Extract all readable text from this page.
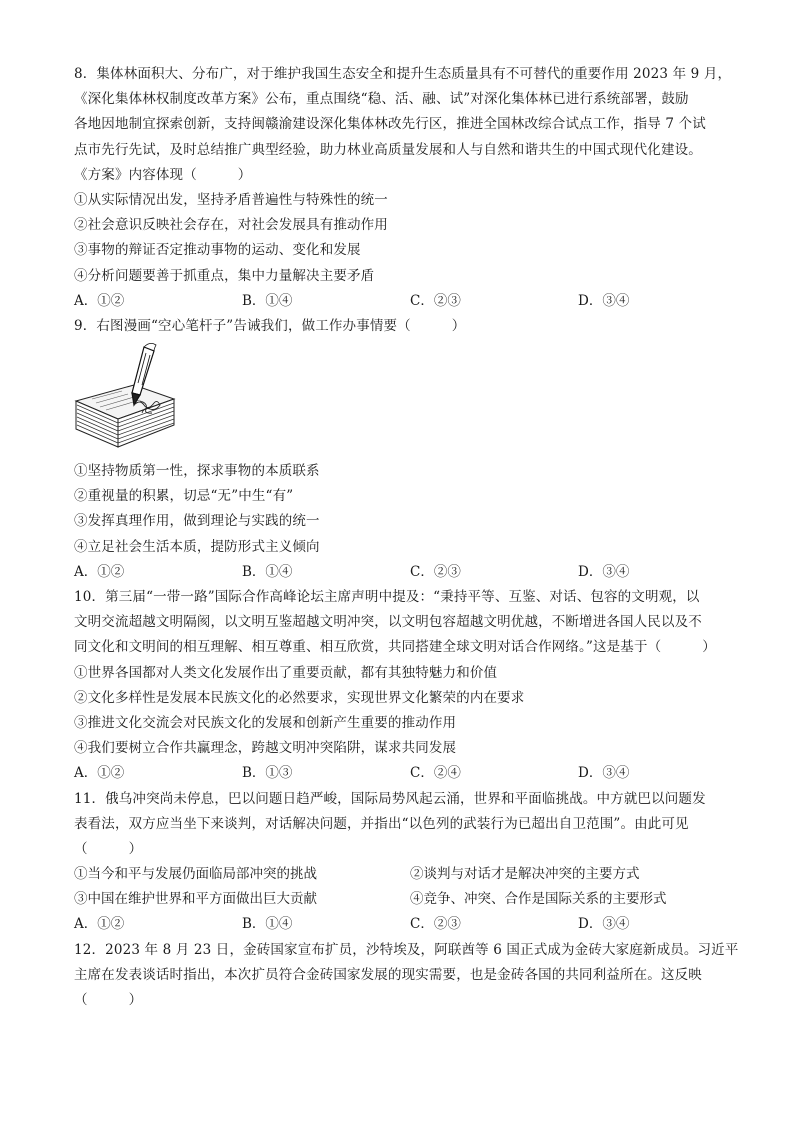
8．集体林面积大、分布广，对于维护我国生态安全和提升生态质量具有不可替代的重要作用 2023 年 9 月，
《深化集体林权制度改革方案》公布，重点围绕“稳、活、融、试”对深化集体林已进行系统部署，鼓励
各地因地制宜探索创新，支持闽赣渝建设深化集体林改先行区，推进全国林改综合试点工作，指导 7 个试
点市先行先试，及时总结推广典型经验，助力林业高质量发展和人与自然和谐共生的中国式现代化建设。
《方案》内容体现（　　　）
①从实际情况出发，坚持矛盾普遍性与特殊性的统一
②社会意识反映社会存在，对社会发展具有推动作用
③事物的辩证否定推动事物的运动、变化和发展
④分析问题要善于抓重点，集中力量解决主要矛盾
A．①②	B．①④	C．②③	D．③④
9．右图漫画“空心笔杆子”告诫我们，做工作办事情要（　　　）
①坚持物质第一性，探求事物的本质联系
②重视量的积累，切忌“无”中生“有”
③发挥真理作用，做到理论与实践的统一
④立足社会生活本质，提防形式主义倾向
A．①②	B．①④	C．②③	D．③④
10．第三届“一带一路”国际合作高峰论坛主席声明中提及：“秉持平等、互鉴、对话、包容的文明观，以
文明交流超越文明隔阂，以文明互鉴超越文明冲突，以文明包容超越文明优越，不断增进各国人民以及不
同文化和文明间的相互理解、相互尊重、相互欣赏，共同搭建全球文明对话合作网络。”这是基于（　　　）
①世界各国都对人类文化发展作出了重要贡献，都有其独特魅力和价值
②文化多样性是发展本民族文化的必然要求，实现世界文化繁荣的内在要求
③推进文化交流会对民族文化的发展和创新产生重要的推动作用
④我们要树立合作共赢理念，跨越文明冲突陷阱，谋求共同发展
A．①②	B．①③	C．②④	D．③④
11．俄乌冲突尚未停息，巴以问题日趋严峻，国际局势风起云涌，世界和平面临挑战。中方就巴以问题发
表看法，双方应当坐下来谈判，对话解决问题，并指出“以色列的武装行为已超出自卫范围”。由此可见
（　　　）
①当今和平与发展仍面临局部冲突的挑战	②谈判与对话才是解决冲突的主要方式
③中国在维护世界和平方面做出巨大贡献	④竞争、冲突、合作是国际关系的主要形式
A．①②	B．①④	C．②③	D．③④
12．2023 年 8 月 23 日，金砖国家宣布扩员，沙特埃及，阿联酋等 6 国正式成为金砖大家庭新成员。习近平
主席在发表谈话时指出，本次扩员符合金砖国家发展的现实需要，也是金砖各国的共同利益所在。这反映
（　　　）
